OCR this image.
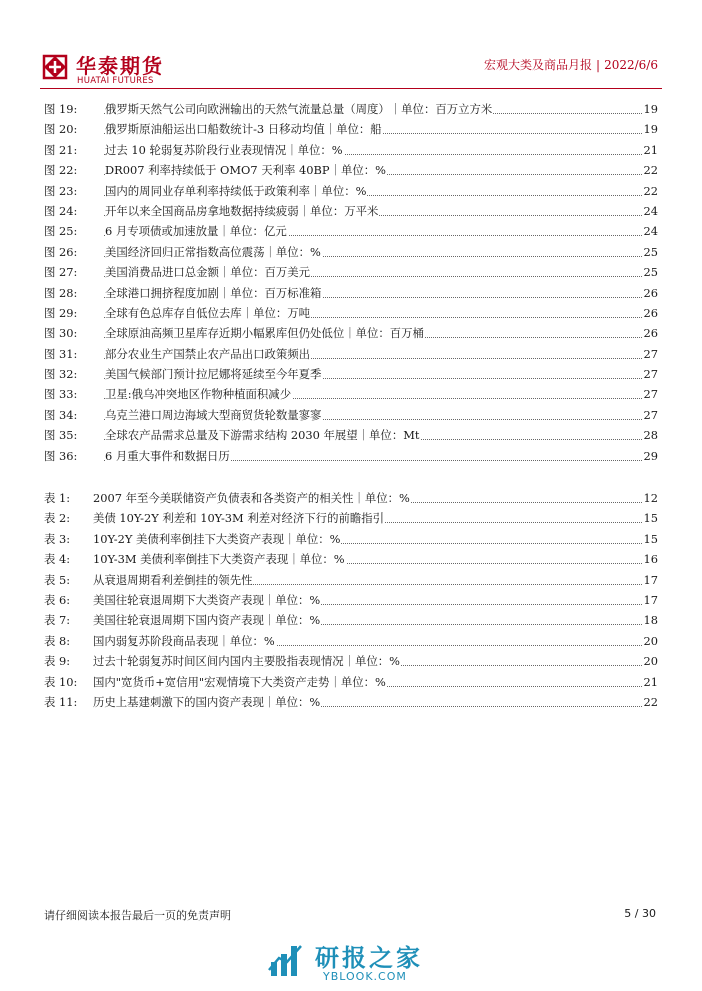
华泰期货
HUATAI FUTURES
宏观大类及商品月报 | 2022/6/6
图 19: 俄罗斯天然气公司向欧洲输出的天然气流量总量（周度）｜单位：百万立方米	19
图 20: 俄罗斯原油船运出口船数统计-3 日移动均值｜单位：船	19
图 21: 过去 10 轮弱复苏阶段行业表现情况｜单位：%	21
图 22: DR007 利率持续低于 OMO7 天利率 40BP｜单位：%	22
图 23: 国内的周同业存单利率持续低于政策利率｜单位：%	22
图 24: 开年以来全国商品房拿地数据持续疲弱｜单位：万平米	24
图 25: 6 月专项债或加速放量｜单位：亿元	24
图 26: 美国经济回归正常指数高位震荡｜单位：%	25
图 27: 美国消费品进口总金额｜单位：百万美元	25
图 28: 全球港口拥挤程度加剧｜单位：百万标准箱	26
图 29: 全球有色总库存自低位去库｜单位：万吨	26
图 30: 全球原油高频卫星库存近期小幅累库但仍处低位｜单位：百万桶	26
图 31: 部分农业生产国禁止农产品出口政策频出	27
图 32: 美国气候部门预计拉尼娜将延续至今年夏季	27
图 33: 卫星:俄乌冲突地区作物种植面积减少	27
图 34: 乌克兰港口周边海域大型商贸货轮数量寥寥	27
图 35: 全球农产品需求总量及下游需求结构 2030 年展望｜单位：Mt	28
图 36: 6 月重大事件和数据日历	29
表 1: 2007 年至今美联储资产负债表和各类资产的相关性｜单位：%	12
表 2: 美债 10Y-2Y 利差和 10Y-3M 利差对经济下行的前瞻指引	15
表 3: 10Y-2Y 美债利率倒挂下大类资产表现｜单位：%	15
表 4: 10Y-3M 美债利率倒挂下大类资产表现｜单位：%	16
表 5: 从衰退周期看利差倒挂的领先性	17
表 6: 美国往轮衰退周期下大类资产表现｜单位：%	17
表 7: 美国往轮衰退周期下国内资产表现｜单位：%	18
表 8: 国内弱复苏阶段商品表现｜单位：%	20
表 9: 过去十轮弱复苏时间区间内国内主要股指表现情况｜单位：%	20
表 10: 国内"宽货币+宽信用"宏观情境下大类资产走势｜单位：%	21
表 11: 历史上基建刺激下的国内资产表现｜单位：%	22
请仔细阅读本报告最后一页的免责声明	5 / 30
研报之家
YBLOOK.COM
